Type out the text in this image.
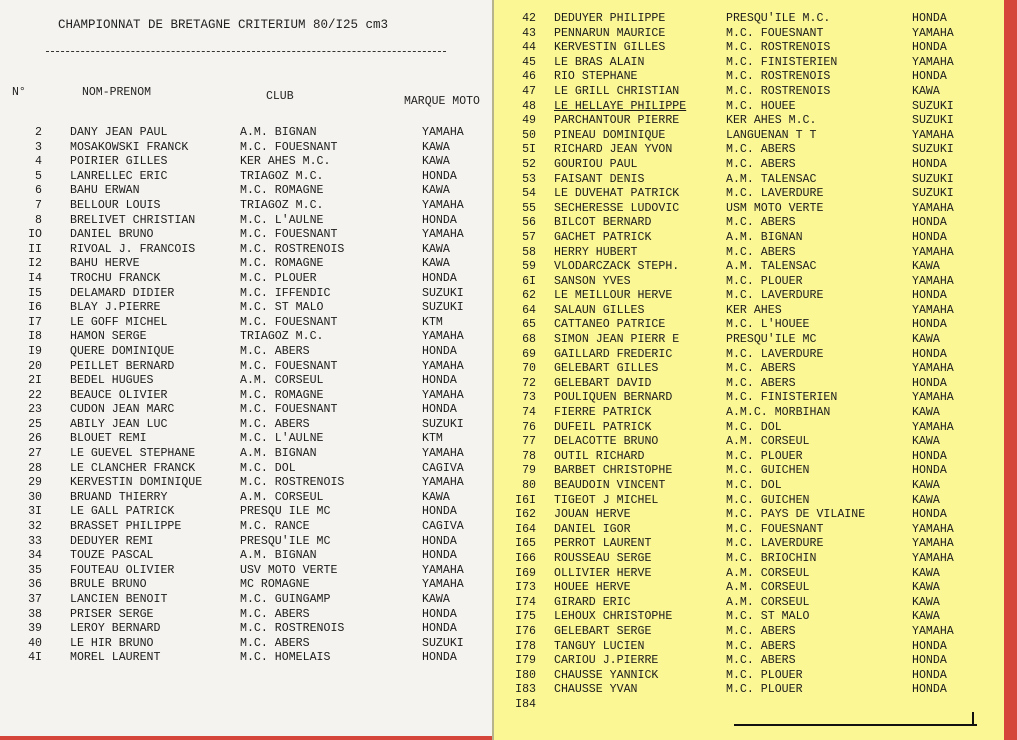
CHAMPIONNAT DE BRETAGNE CRITERIUM 80/I25 cm3
N°	NOM-PRENOM	CLUB	MARQUE MOTO
2 DANY JEAN PAUL	A.M. BIGNAN	YAMAHA
3 MOSAKOWSKI FRANCK	M.C. FOUESNANT	KAWA
4 POIRIER GILLES	KER AHES M.C.	KAWA
5 LANRELLEC ERIC	TRIAGOZ M.C.	HONDA
6 BAHU ERWAN	M.C. ROMAGNE	KAWA
7 BELLOUR LOUIS	TRIAGOZ M.C.	YAMAHA
8 BRELIVET CHRISTIAN	M.C. L'AULNE	HONDA
IO DANIEL BRUNO	M.C. FOUESNANT	YAMAHA
II RIVOAL J. FRANCOIS	M.C. ROSTRENOIS	KAWA
I2 BAHU HERVE	M.C. ROMAGNE	KAWA
I4 TROCHU FRANCK	M.C. PLOUER	HONDA
I5 DELAMARD DIDIER	M.C. IFFENDIC	SUZUKI
I6 BLAY J.PIERRE	M.C. ST MALO	SUZUKI
I7 LE GOFF MICHEL	M.C. FOUESNANT	KTM
I8 HAMON SERGE	TRIAGOZ M.C.	YAMAHA
I9 QUERE DOMINIQUE	M.C. ABERS	HONDA
20 PEILLET BERNARD	M.C. FOUESNANT	YAMAHA
2I BEDEL HUGUES	A.M. CORSEUL	HONDA
22 BEAUCE OLIVIER	M.C. ROMAGNE	YAMAHA
23 CUDON JEAN MARC	M.C. FOUESNANT	HONDA
25 ABILY JEAN LUC	M.C. ABERS	SUZUKI
26 BLOUET REMI	M.C. L'AULNE	KTM
27 LE GUEVEL STEPHANE	A.M. BIGNAN	YAMAHA
28 LE CLANCHER FRANCK	M.C. DOL	CAGIVA
29 KERVESTIN DOMINIQUE	M.C. ROSTRENOIS	YAMAHA
30 BRUAND THIERRY	A.M. CORSEUL	KAWA
3I LE GALL PATRICK	PRESQU ILE MC	HONDA
32 BRASSET PHILIPPE	M.C. RANCE	CAGIVA
33 DEDUYER REMI	PRESQU'ILE MC	HONDA
34 TOUZE PASCAL	A.M. BIGNAN	HONDA
35 FOUTEAU OLIVIER	USV MOTO VERTE	YAMAHA
36 BRULE BRUNO	MC ROMAGNE	YAMAHA
37 LANCIEN BENOIT	M.C. GUINGAMP	KAWA
38 PRISER SERGE	M.C. ABERS	HONDA
39 LEROY BERNARD	M.C. ROSTRENOIS	HONDA
40 LE HIR BRUNO	M.C. ABERS	SUZUKI
4I MOREL LAURENT	M.C. HOMELAIS	HONDA
42 DEDUYER PHILIPPE	PRESQU'ILE M.C.	HONDA
43 PENNARUN MAURICE	M.C. FOUESNANT	YAMAHA
44 KERVESTIN GILLES	M.C. ROSTRENOIS	HONDA
45 LE BRAS ALAIN	M.C. FINISTERIEN	YAMAHA
46 RIO STEPHANE	M.C. ROSTRENOIS	HONDA
47 LE GRILL CHRISTIAN	M.C. ROSTRENOIS	KAWA
48 LE HELLAYE PHILIPPE	M.C. HOUEE	SUZUKI
49 PARCHANTOUR PIERRE	KER AHES M.C.	SUZUKI
50 PINEAU DOMINIQUE	LANGUENAN T T	YAMAHA
5I RICHARD JEAN YVON	M.C. ABERS	SUZUKI
52 GOURIOU PAUL	M.C. ABERS	HONDA
53 FAISANT DENIS	A.M. TALENSAC	SUZUKI
54 LE DUVEHAT PATRICK	M.C. LAVERDURE	SUZUKI
55 SECHERESSE LUDOVIC	USM MOTO VERTE	YAMAHA
56 BILCOT BERNARD	M.C. ABERS	HONDA
57 GACHET PATRICK	A.M. BIGNAN	HONDA
58 HERRY HUBERT	M.C. ABERS	YAMAHA
59 VLODARCZACK STEPH.	A.M. TALENSAC	KAWA
6I SANSON YVES	M.C. PLOUER	YAMAHA
62 LE MEILLOUR HERVE	M.C. LAVERDURE	HONDA
64 SALAUN GILLES	KER AHES	YAMAHA
65 CATTANEO PATRICE	M.C. L'HOUEE	HONDA
68 SIMON JEAN PIERR E	PRESQU'ILE MC	KAWA
69 GAILLARD FREDERIC	M.C. LAVERDURE	HONDA
70 GELEBART GILLES	M.C. ABERS	YAMAHA
72 GELEBART DAVID	M.C. ABERS	HONDA
73 POULIQUEN BERNARD	M.C. FINISTERIEN	YAMAHA
74 FIERRE PATRICK	A.M.C. MORBIHAN	KAWA
76 DUFEIL PATRICK	M.C. DOL	YAMAHA
77 DELACOTTE BRUNO	A.M. CORSEUL	KAWA
78 OUTIL RICHARD	M.C. PLOUER	HONDA
79 BARBET CHRISTOPHE	M.C. GUICHEN	HONDA
80 BEAUDOIN VINCENT	M.C. DOL	KAWA
I6I TIGEOT J MICHEL	M.C. GUICHEN	KAWA
I62 JOUAN HERVE	M.C. PAYS DE VILAINE	HONDA
I64 DANIEL IGOR	M.C. FOUESNANT	YAMAHA
I65 PERROT LAURENT	M.C. LAVERDURE	YAMAHA
I66 ROUSSEAU SERGE	M.C. BRIOCHIN	YAMAHA
I69 OLLIVIER HERVE	A.M. CORSEUL	KAWA
I73 HOUEE HERVE	A.M. CORSEUL	KAWA
I74 GIRARD ERIC	A.M. CORSEUL	KAWA
I75 LEHOUX CHRISTOPHE	M.C. ST MALO	KAWA
I76 GELEBART SERGE	M.C. ABERS	YAMAHA
I78 TANGUY LUCIEN	M.C. ABERS	HONDA
I79 CARIOU J.PIERRE	M.C. ABERS	HONDA
I80 CHAUSSE YANNICK	M.C. PLOUER	HONDA
I83 CHAUSSE YVAN	M.C. PLOUER	HONDA
I84
